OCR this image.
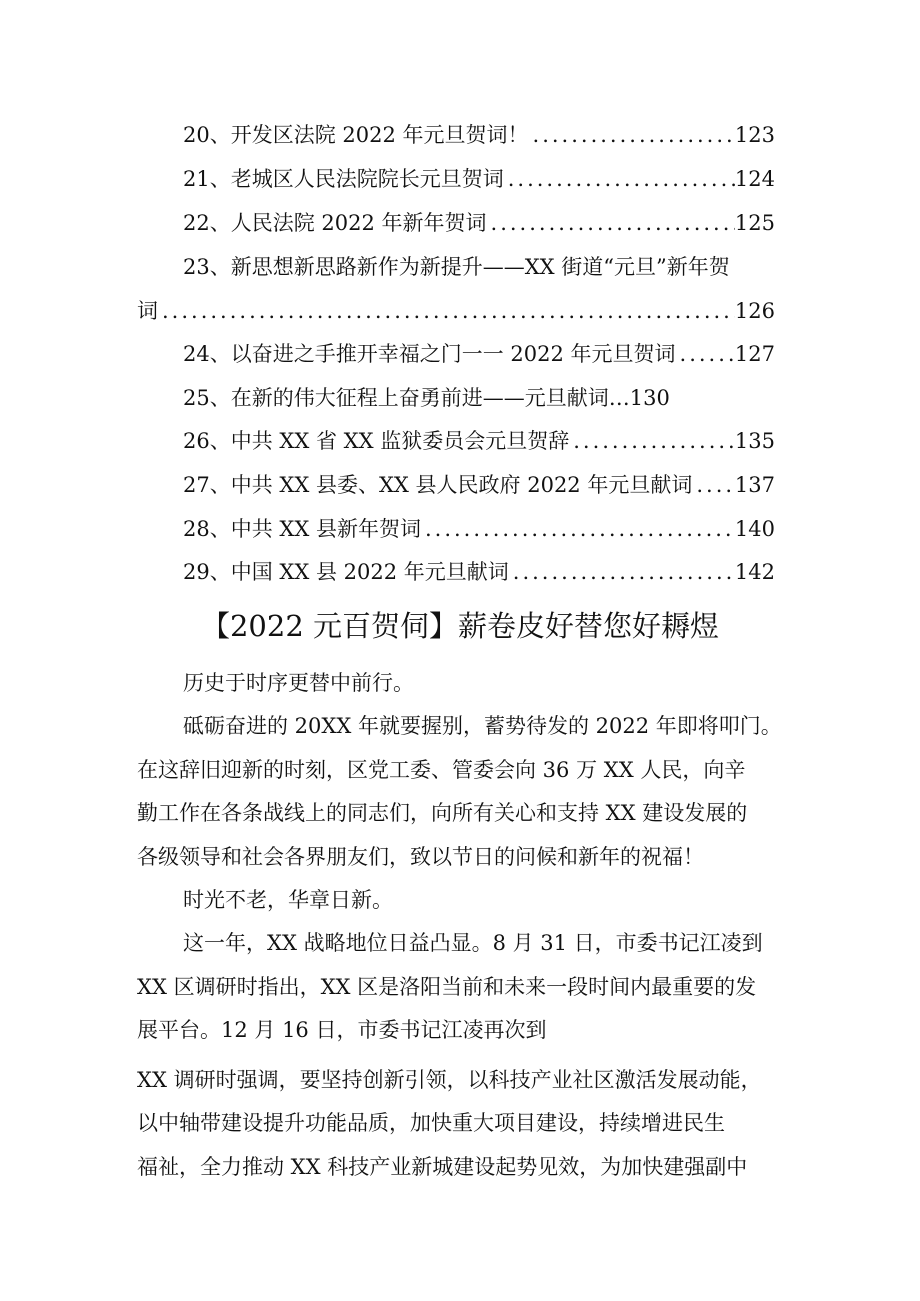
20、开发区法院 2022 年元旦贺词！ .....	123
21、老城区人民法院院长元旦贺词 .....	124
22、人民法院 2022 年新年贺词 .....	125
23、新思想新思路新作为新提升——XX 街道“元旦”新年贺
词 .....	126
24、以奋进之手推开幸福之门一一 2022 年元旦贺词 .....	127
25、在新的伟大征程上奋勇前进——元旦献词…130
26、中共 XX 省 XX 监狱委员会元旦贺辞 .....	135
27、中共 XX 县委、XX 县人民政府 2022 年元旦献词 ..... 137
28、中共 XX 县新年贺词 .....	140
29、中国 XX 县 2022 年元旦献词 .....	142
【2022 元百贺伺】薪卷皮好替您好耨煜
历史于时序更替中前行。
砥砺奋进的 20XX 年就要握别，蓄势待发的 2022 年即将叩门。
在这辞旧迎新的时刻，区党工委、管委会向 36 万 XX 人民，向辛
勤工作在各条战线上的同志们，向所有关心和支持 XX 建设发展的
各级领导和社会各界朋友们，致以节日的问候和新年的祝福！
时光不老，华章日新。
这一年，XX 战略地位日益凸显。8 月 31 日，市委书记江凌到
XX 区调研时指出，XX 区是洛阳当前和未来一段时间内最重要的发
展平台。12 月 16 日，市委书记江凌再次到
XX 调研时强调，要坚持创新引领，以科技产业社区激活发展动能，
以中轴带建设提升功能品质，加快重大项目建设，持续增进民生
福祉，全力推动 XX 科技产业新城建设起势见效，为加快建强副中
